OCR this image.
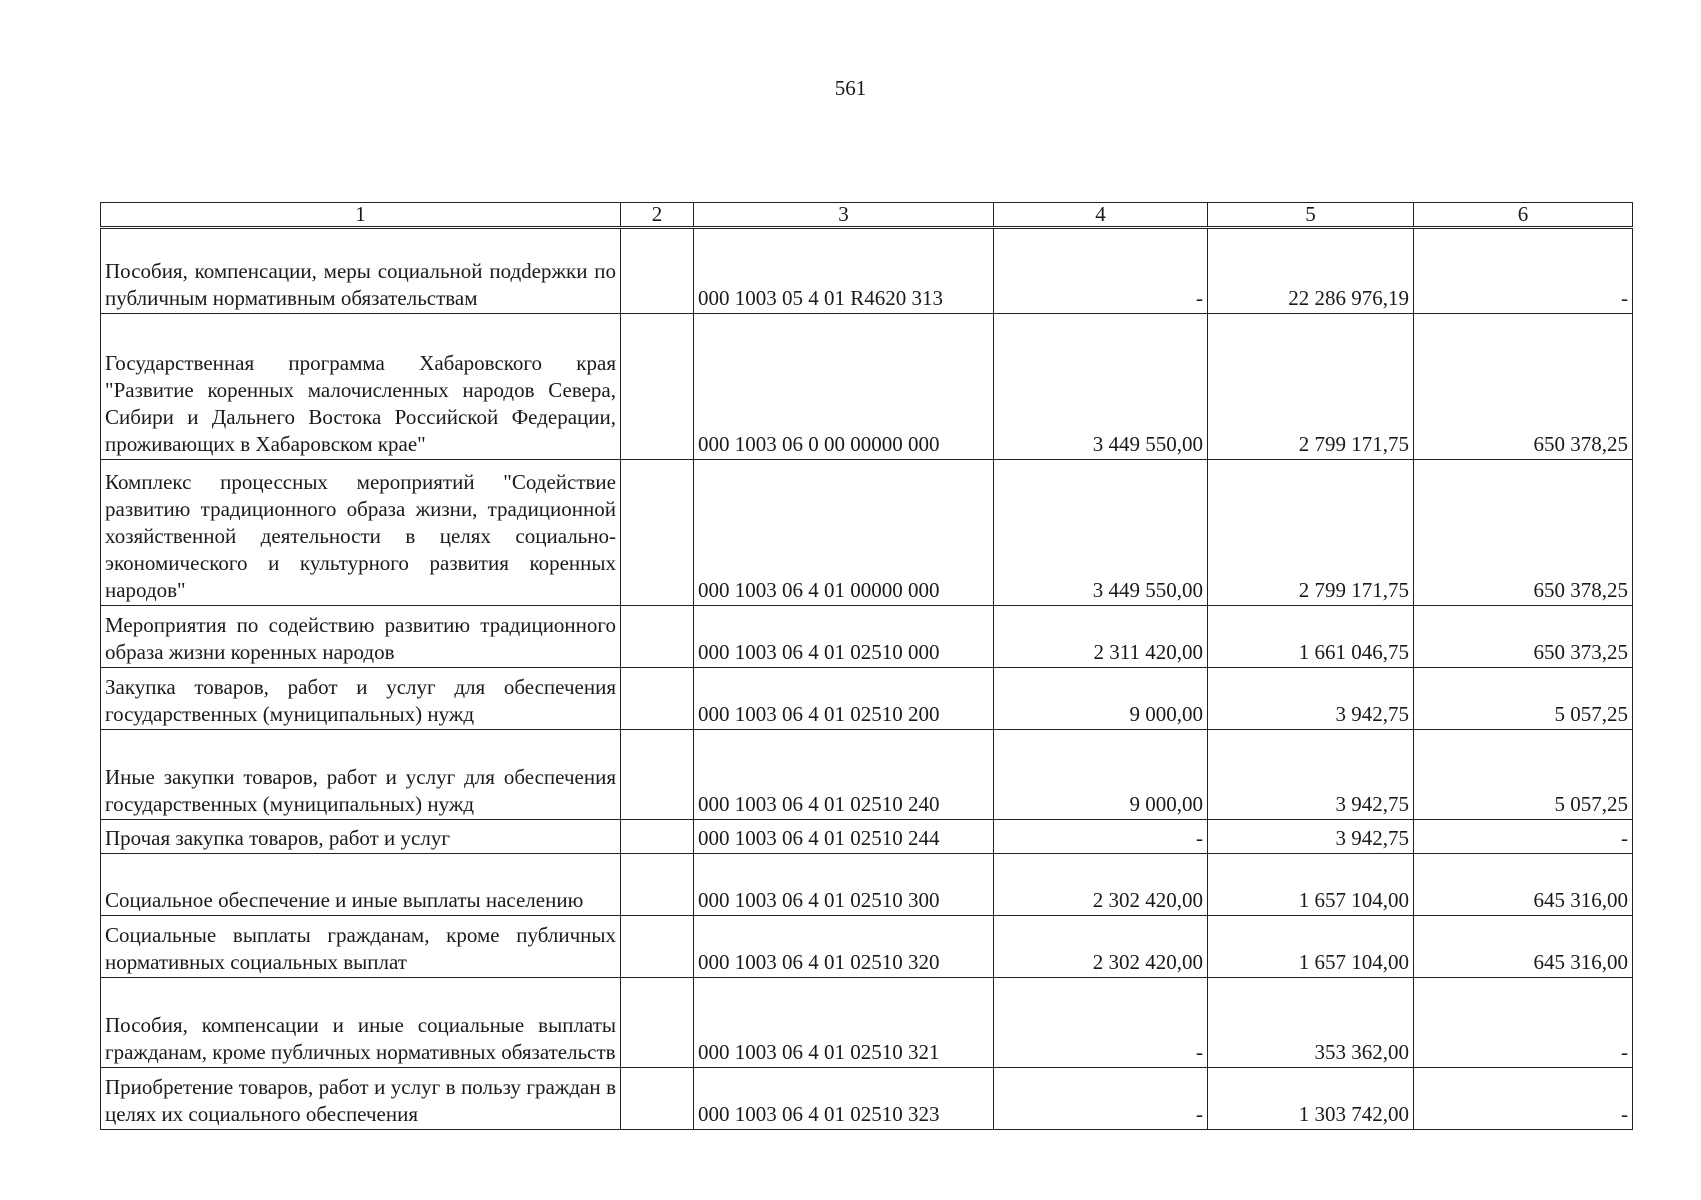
561
1	2	3	4	5	6
Пособия, компенсации, меры социальной подdержки по публичным нормативным обязательствам		000 1003 05 4 01 R4620 313	-	22 286 976,19	-
Государственная программа Хабаровского края "Развитие коренных малочисленных народов Севера, Сибири и Дальнего Востока Российской Федерации, проживающих в Хабаровском крае"		000 1003 06 0 00 00000 000	3 449 550,00	2 799 171,75	650 378,25
Комплекс процессных мероприятий "Содействие развитию традиционного образа жизни, традиционной хозяйственной деятельности в целях социально-экономического и культурного развития коренных народов"		000 1003 06 4 01 00000 000	3 449 550,00	2 799 171,75	650 378,25
Мероприятия по содействию развитию традиционного образа жизни коренных народов		000 1003 06 4 01 02510 000	2 311 420,00	1 661 046,75	650 373,25
Закупка товаров, работ и услуг для обеспечения государственных (муниципальных) нужд		000 1003 06 4 01 02510 200	9 000,00	3 942,75	5 057,25
Иные закупки товаров, работ и услуг для обеспечения государственных (муниципальных) нужд		000 1003 06 4 01 02510 240	9 000,00	3 942,75	5 057,25
Прочая закупка товаров, работ и услуг		000 1003 06 4 01 02510 244	-	3 942,75	-
Социальное обеспечение и иные выплаты населению		000 1003 06 4 01 02510 300	2 302 420,00	1 657 104,00	645 316,00
Социальные выплаты гражданам, кроме публичных нормативных социальных выплат		000 1003 06 4 01 02510 320	2 302 420,00	1 657 104,00	645 316,00
Пособия, компенсации и иные социальные выплаты гражданам, кроме публичных нормативных обязательств		000 1003 06 4 01 02510 321	-	353 362,00	-
Приобретение товаров, работ и услуг в пользу граждан в целях их социального обеспечения		000 1003 06 4 01 02510 323	-	1 303 742,00	-
